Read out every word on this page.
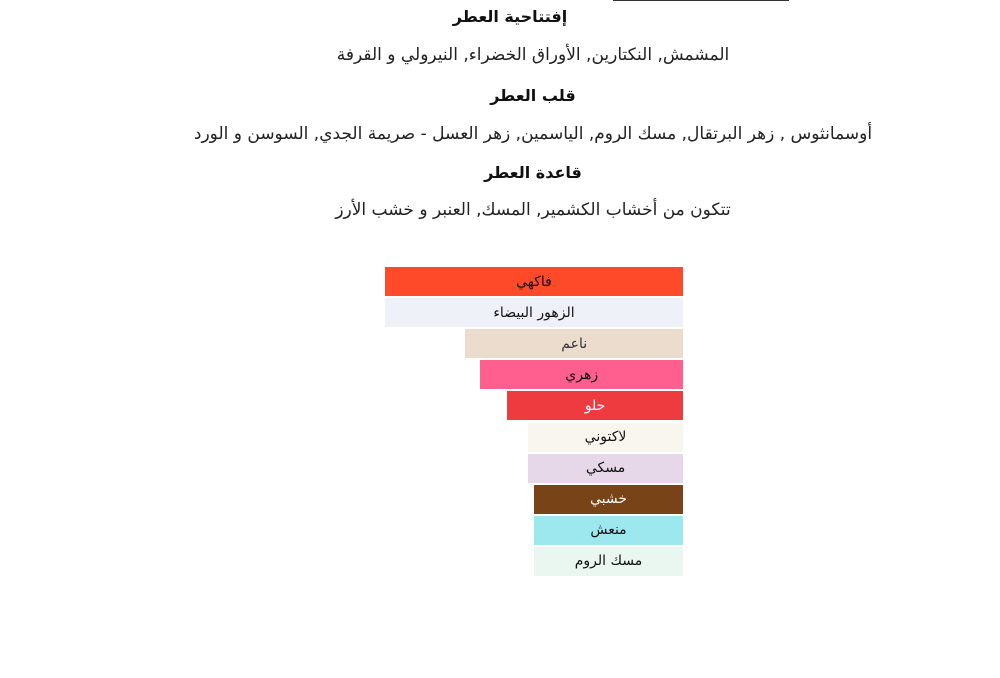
إفتتاحية العطر
المشمش, النكتارين, الأوراق الخضراء, النيرولي و القرفة
قلب العطر
أوسمانثوس , زهر البرتقال, مسك الروم, الياسمين, زهر العسل - صريمة الجدي, السوسن و الورد
قاعدة العطر
تتكون من أخشاب الكشمير, المسك, العنبر و خشب الأرز
فاكهي
الزهور البيضاء
ناعم
زهري
حلو
لاكتوني
مسكي
خشبي
منعش
مسك الروم
